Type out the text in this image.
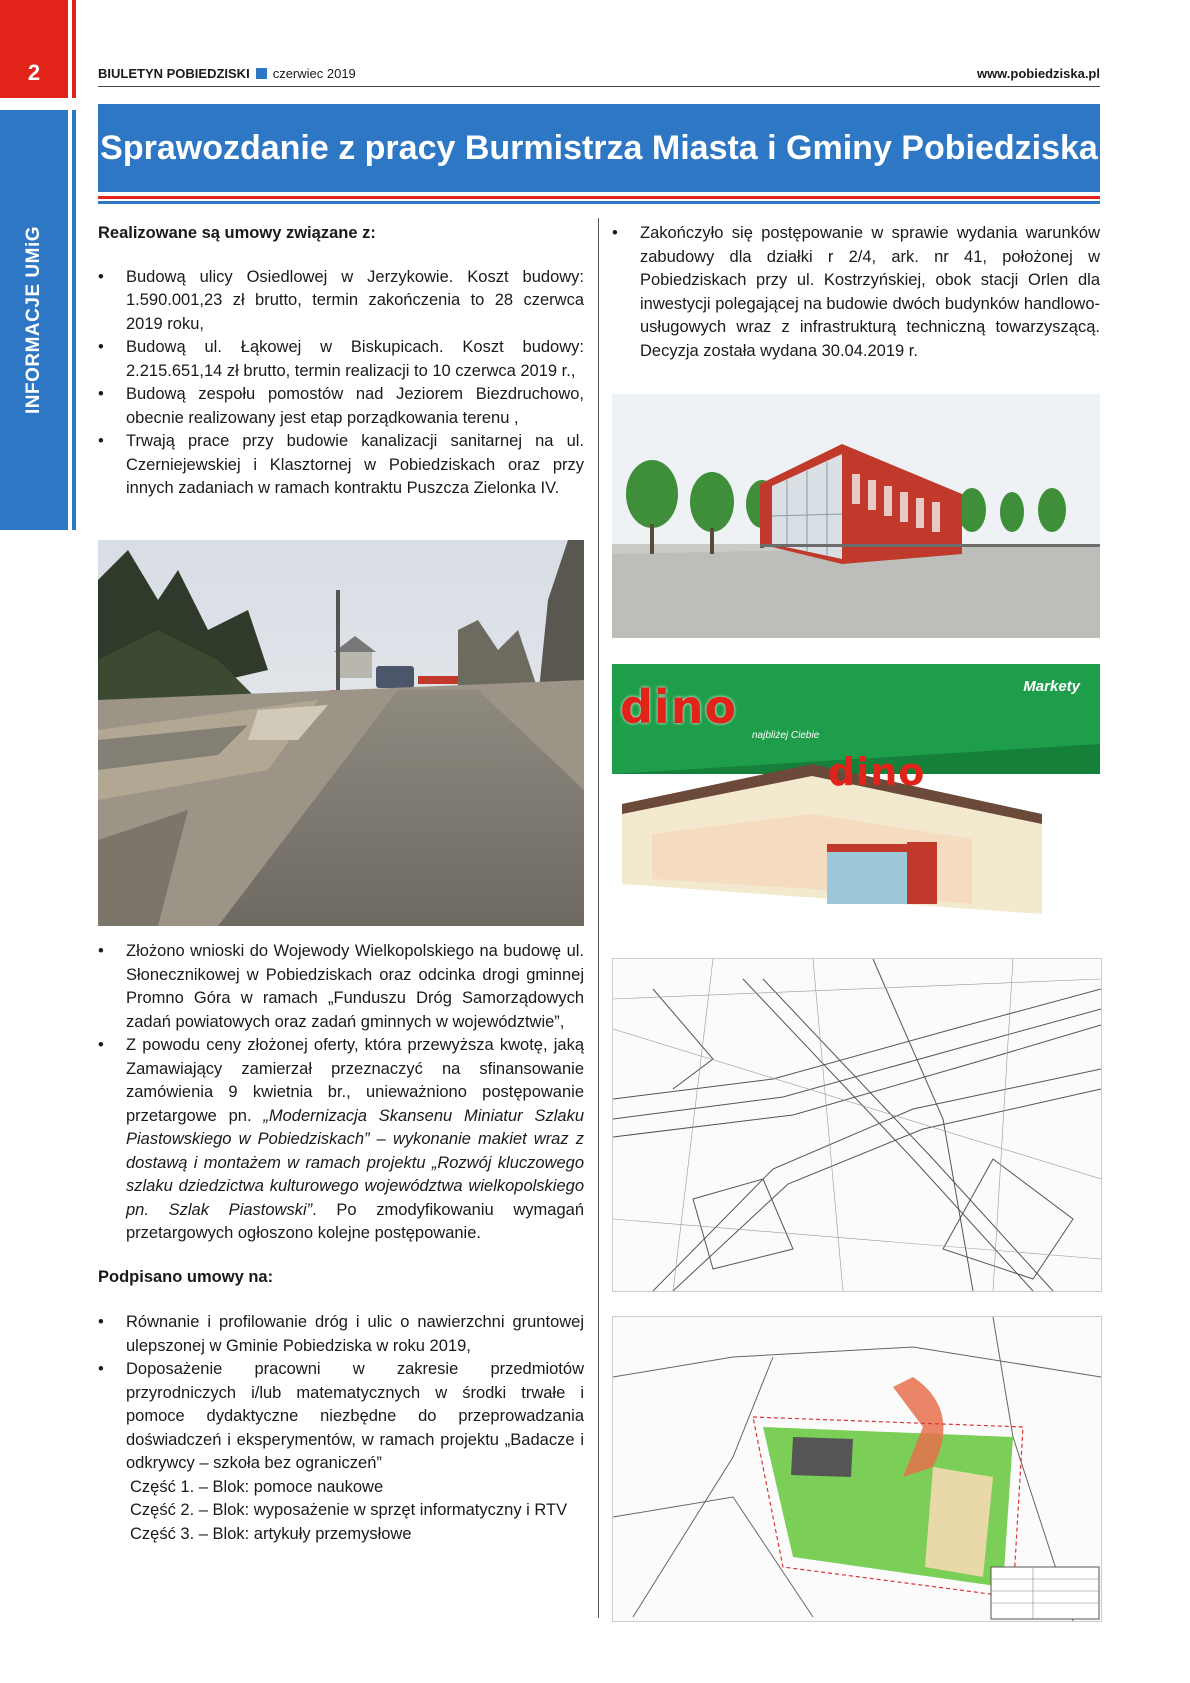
2
INFORMACJE UMiG
BIULETYN POBIEDZISKI czerwiec 2019	www.pobiedziska.pl
Sprawozdanie z pracy Burmistrza Miasta i Gminy Pobiedziska
Realizowane są umowy związane z:
• Budową ulicy Osiedlowej w Jerzykowie. Koszt budowy: 1.590.001,23 zł brutto, termin zakończenia to 28 czerwca 2019 roku,
• Budową ul. Łąkowej w Biskupicach. Koszt budowy: 2.215.651,14 zł brutto, termin realizacji to 10 czerwca 2019 r.,
• Budową zespołu pomostów nad Jeziorem Biezdruchowo, obecnie realizowany jest etap porządkowania terenu ,
• Trwają prace przy budowie kanalizacji sanitarnej na ul. Czerniejewskiej i Klasztornej w Pobiedziskach oraz przy innych zadaniach w ramach kontraktu Puszcza Zielonka IV.
• Złożono wnioski do Wojewody Wielkopolskiego na budowę ul. Słonecznikowej w Pobiedziskach oraz odcinka drogi gminnej Promno Góra w ramach „Funduszu Dróg Samorządowych zadań powiatowych oraz zadań gminnych w województwie”,
• Z powodu ceny złożonej oferty, która przewyższa kwotę, jaką Zamawiający zamierzał przeznaczyć na sfinansowanie zamówienia 9 kwietnia br., unieważniono postępowanie przetargowe pn. „Modernizacja Skansenu Miniatur Szlaku Piastowskiego w Pobiedziskach” – wykonanie makiet wraz z dostawą i montażem w ramach projektu „Rozwój kluczowego szlaku dziedzictwa kulturowego województwa wielkopolskiego pn. Szlak Piastowski”. Po zmodyfikowaniu wymagań przetargowych ogłoszono kolejne postępowanie.
Podpisano umowy na:
• Równanie i profilowanie dróg i ulic o nawierzchni gruntowej ulepszonej w Gminie Pobiedziska w roku 2019,
• Doposażenie pracowni w zakresie przedmiotów przyrodniczych i/lub matematycznych w środki trwałe i pomoce dydaktyczne niezbędne do przeprowadzania doświadczeń i eksperymentów, w ramach projektu „Badacze i odkrywcy – szkoła bez ograniczeń”
Część 1. – Blok: pomoce naukowe
Część 2. – Blok: wyposażenie w sprzęt informatyczny i RTV
Część 3. – Blok: artykuły przemysłowe
• Zakończyło się postępowanie w sprawie wydania warunków zabudowy dla działki r 2/4, ark. nr 41, położonej w Pobiedziskach przy ul. Kostrzyńskiej, obok stacji Orlen dla inwestycji polegającej na budowie dwóch budynków handlowo-usługowych wraz z infrastrukturą techniczną towarzyszącą. Decyzja została wydana 30.04.2019 r.
dino
najbliżej Ciebie
Markety
dino
